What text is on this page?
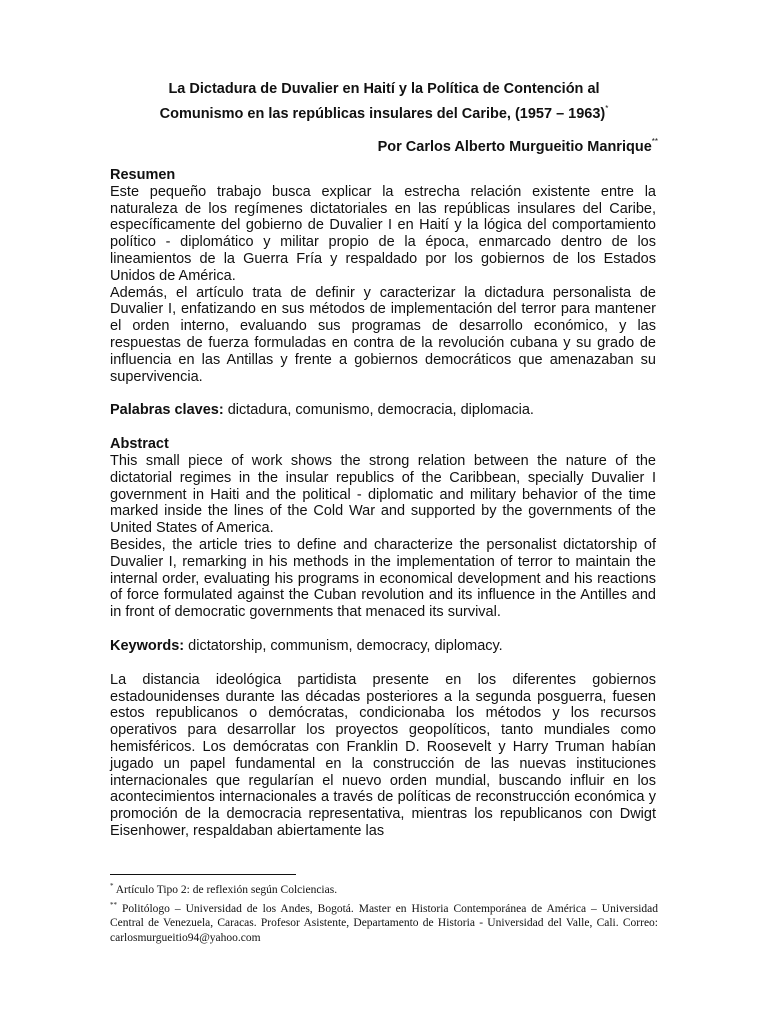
La Dictadura de Duvalier en Haití y la Política de Contención al
Comunismo en las repúblicas insulares del Caribe, (1957 – 1963)*
Por Carlos Alberto Murgueitio Manrique**

Resumen

Este pequeño trabajo busca explicar la estrecha relación existente entre la naturaleza de los regímenes dictatoriales en las repúblicas insulares del Caribe, específicamente del gobierno de Duvalier I en Haití y la lógica del comportamiento político - diplomático y militar propio de la época, enmarcado dentro de los lineamientos de la Guerra Fría y respaldado por los gobiernos de los Estados Unidos de América.

Además, el artículo trata de definir y caracterizar la dictadura personalista de Duvalier I, enfatizando en sus métodos de implementación del terror para mantener el orden interno, evaluando sus programas de desarrollo económico, y las respuestas de fuerza formuladas en contra de la revolución cubana y su grado de influencia en las Antillas y frente a gobiernos democráticos que amenazaban su supervivencia.

Palabras claves: dictadura, comunismo, democracia, diplomacia.

Abstract

This small piece of work shows the strong relation between the nature of the dictatorial regimes in the insular republics of the Caribbean, specially Duvalier I government in Haiti and the political - diplomatic and military behavior of the time marked inside the lines of the Cold War and supported by the governments of the United States of America.

Besides, the article tries to define and characterize the personalist dictatorship of Duvalier I, remarking in his methods in the implementation of terror to maintain the internal order, evaluating his programs in economical development and his reactions of force formulated against the Cuban revolution and its influence in the Antilles and in front of democratic governments that menaced its survival.

Keywords: dictatorship, communism, democracy, diplomacy.

La distancia ideológica partidista presente en los diferentes gobiernos estadounidenses durante las décadas posteriores a la segunda posguerra, fuesen estos republicanos o demócratas, condicionaba los métodos y los recursos operativos para desarrollar los proyectos geopolíticos, tanto mundiales como hemisféricos. Los demócratas con Franklin D. Roosevelt y Harry Truman habían jugado un papel fundamental en la construcción de las nuevas instituciones internacionales que regularían el nuevo orden mundial, buscando influir en los acontecimientos internacionales a través de políticas de reconstrucción económica y promoción de la democracia representativa, mientras los republicanos con Dwigt Eisenhower, respaldaban abiertamente las

* Artículo Tipo 2: de reflexión según Colciencias.

** Politólogo – Universidad de los Andes, Bogotá. Master en Historia Contemporánea de América – Universidad Central de Venezuela, Caracas. Profesor Asistente, Departamento de Historia - Universidad del Valle, Cali. Correo: carlosmurgueitio94@yahoo.com
